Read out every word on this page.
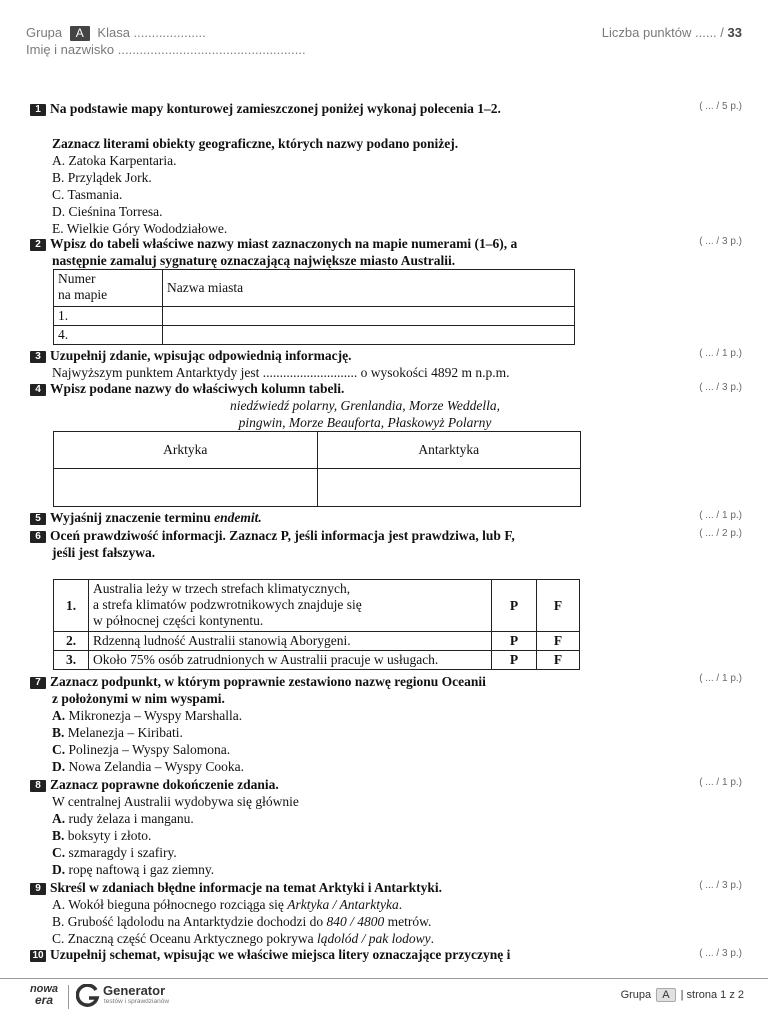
Grupa A Klasa ....................
Imię i nazwisko ....................................................
Liczba punktów ...... / 33
( ... / 5 p.)
1 Na podstawie mapy konturowej zamieszczonej poniżej wykonaj polecenia 1–2.
Zaznacz literami obiekty geograficzne, których nazwy podano poniżej.
A. Zatoka Karpentaria.
B. Przylądek Jork.
C. Tasmania.
D. Cieśnina Torresa.
E. Wielkie Góry Wododziałowe.
( ... / 3 p.)
2 Wpisz do tabeli właściwe nazwy miast zaznaczonych na mapie numerami (1–6), a
następnie zamaluj sygnaturę oznaczającą największe miasto Australii.
Numer
na mapie	Nazwa miasta
1.	
4.	
( ... / 1 p.)
3 Uzupełnij zdanie, wpisując odpowiednią informację.
Najwyższym punktem Antarktydy jest ............................ o wysokości 4892 m n.p.m.
( ... / 3 p.)
4 Wpisz podane nazwy do właściwych kolumn tabeli.
niedźwiedź polarny, Grenlandia, Morze Weddella,
pingwin, Morze Beauforta, Płaskowyż Polarny
Arktyka	Antarktyka

( ... / 1 p.)
5 Wyjaśnij znaczenie terminu endemit.
( ... / 2 p.)
6 Oceń prawdziwość informacji. Zaznacz P, jeśli informacja jest prawdziwa, lub F,
jeśli jest fałszywa.
1.	Australia leży w trzech strefach klimatycznych,
a strefa klimatów podzwrotnikowych znajduje się
w północnej części kontynentu.	P	F
2.	Rdzenną ludność Australii stanowią Aborygeni.	P	F
3.	Około 75% osób zatrudnionych w Australii pracuje w usługach.	P	F
( ... / 1 p.)
7 Zaznacz podpunkt, w którym poprawnie zestawiono nazwę regionu Oceanii
z położonymi w nim wyspami.
A. Mikronezja – Wyspy Marshalla.
B. Melanezja – Kiribati.
C. Polinezja – Wyspy Salomona.
D. Nowa Zelandia – Wyspy Cooka.
( ... / 1 p.)
8 Zaznacz poprawne dokończenie zdania.
W centralnej Australii wydobywa się głównie
A. rudy żelaza i manganu.
B. boksyty i złoto.
C. szmaragdy i szafiry.
D. ropę naftową i gaz ziemny.
( ... / 3 p.)
9 Skreśl w zdaniach błędne informacje na temat Arktyki i Antarktyki.
A. Wokół bieguna północnego rozciąga się Arktyka / Antarktyka.
B. Grubość lądolodu na Antarktydzie dochodzi do 840 / 4800 metrów.
C. Znaczną część Oceanu Arktycznego pokrywa lądolód / pak lodowy.
( ... / 3 p.)
10 Uzupełnij schemat, wpisując we właściwe miejsca litery oznaczające przyczynę i
nowa
era
Generator
testów i sprawdzianów
Grupa A | strona 1 z 2
